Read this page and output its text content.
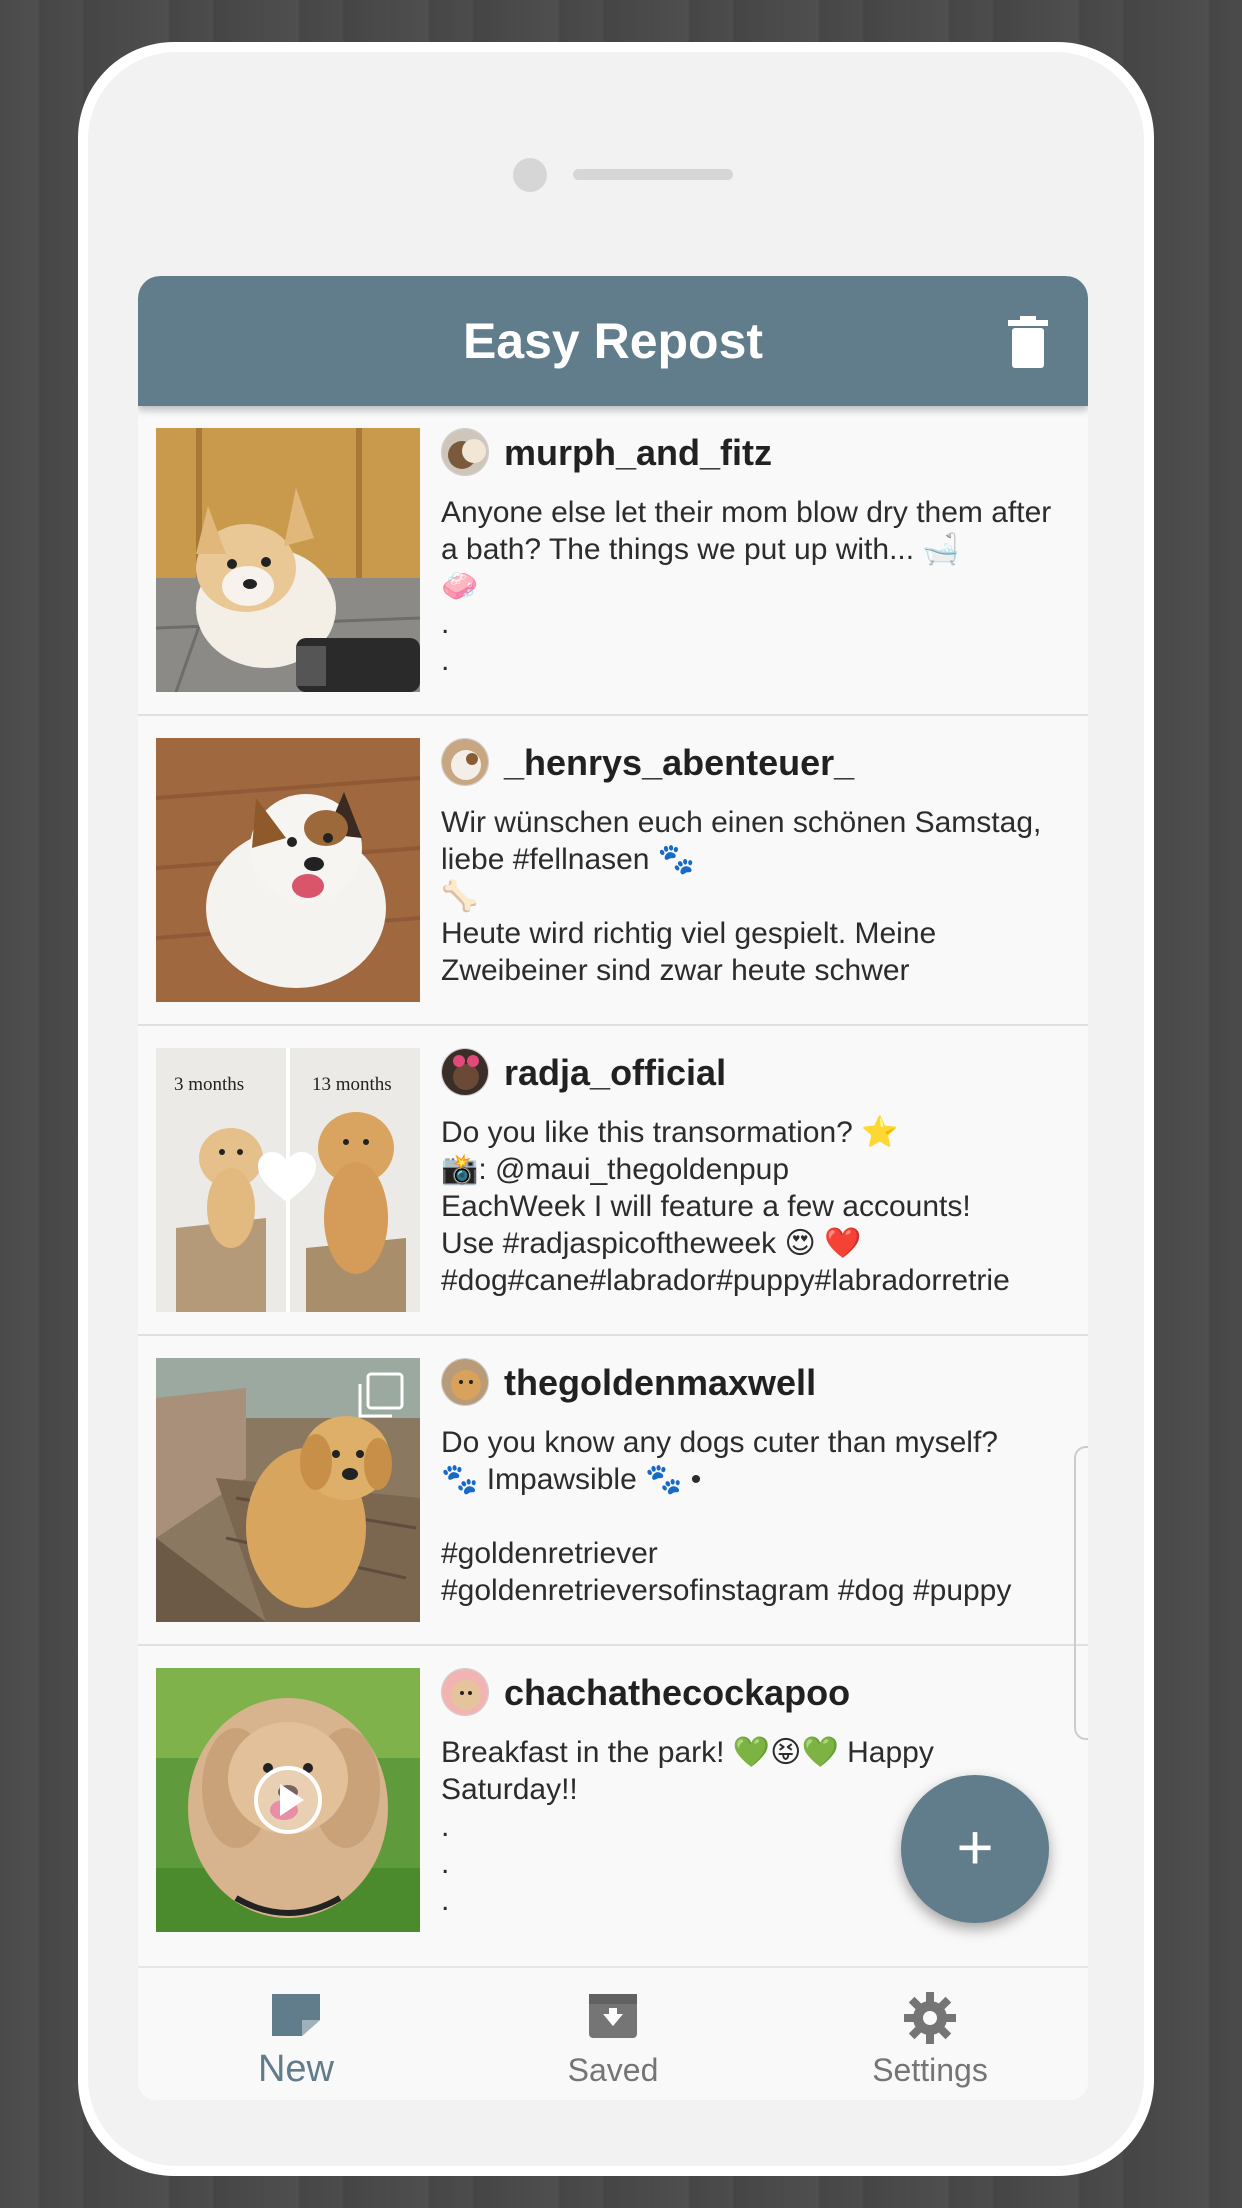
Easy Repost
murph_and_fitz
Anyone else let their mom blow dry them after a bath? The things we put up with... 🛁
🧼
.
.
_henrys_abenteuer_
Wir wünschen euch einen schönen Samstag, liebe #fellnasen 🐾
🦴
Heute wird richtig viel gespielt. Meine Zweibeiner sind zwar heute schwer
3 months	13 months	radja_official
Do you like this transormation? ⭐
📸: @maui_thegoldenpup
EachWeek I will feature a few accounts!
Use #radjaspicoftheweek 😍 ❤️
#dog#cane#labrador#puppy#labradorretrie
thegoldenmaxwell
Do you know any dogs cuter than myself?
🐾 Impawsible 🐾 •

#goldenretriever
#goldenretrieversofinstagram #dog #puppy
chachathecockapoo
Breakfast in the park! 💚😝💚 Happy Saturday!!
.
.
.
New	Saved	Settings
+
